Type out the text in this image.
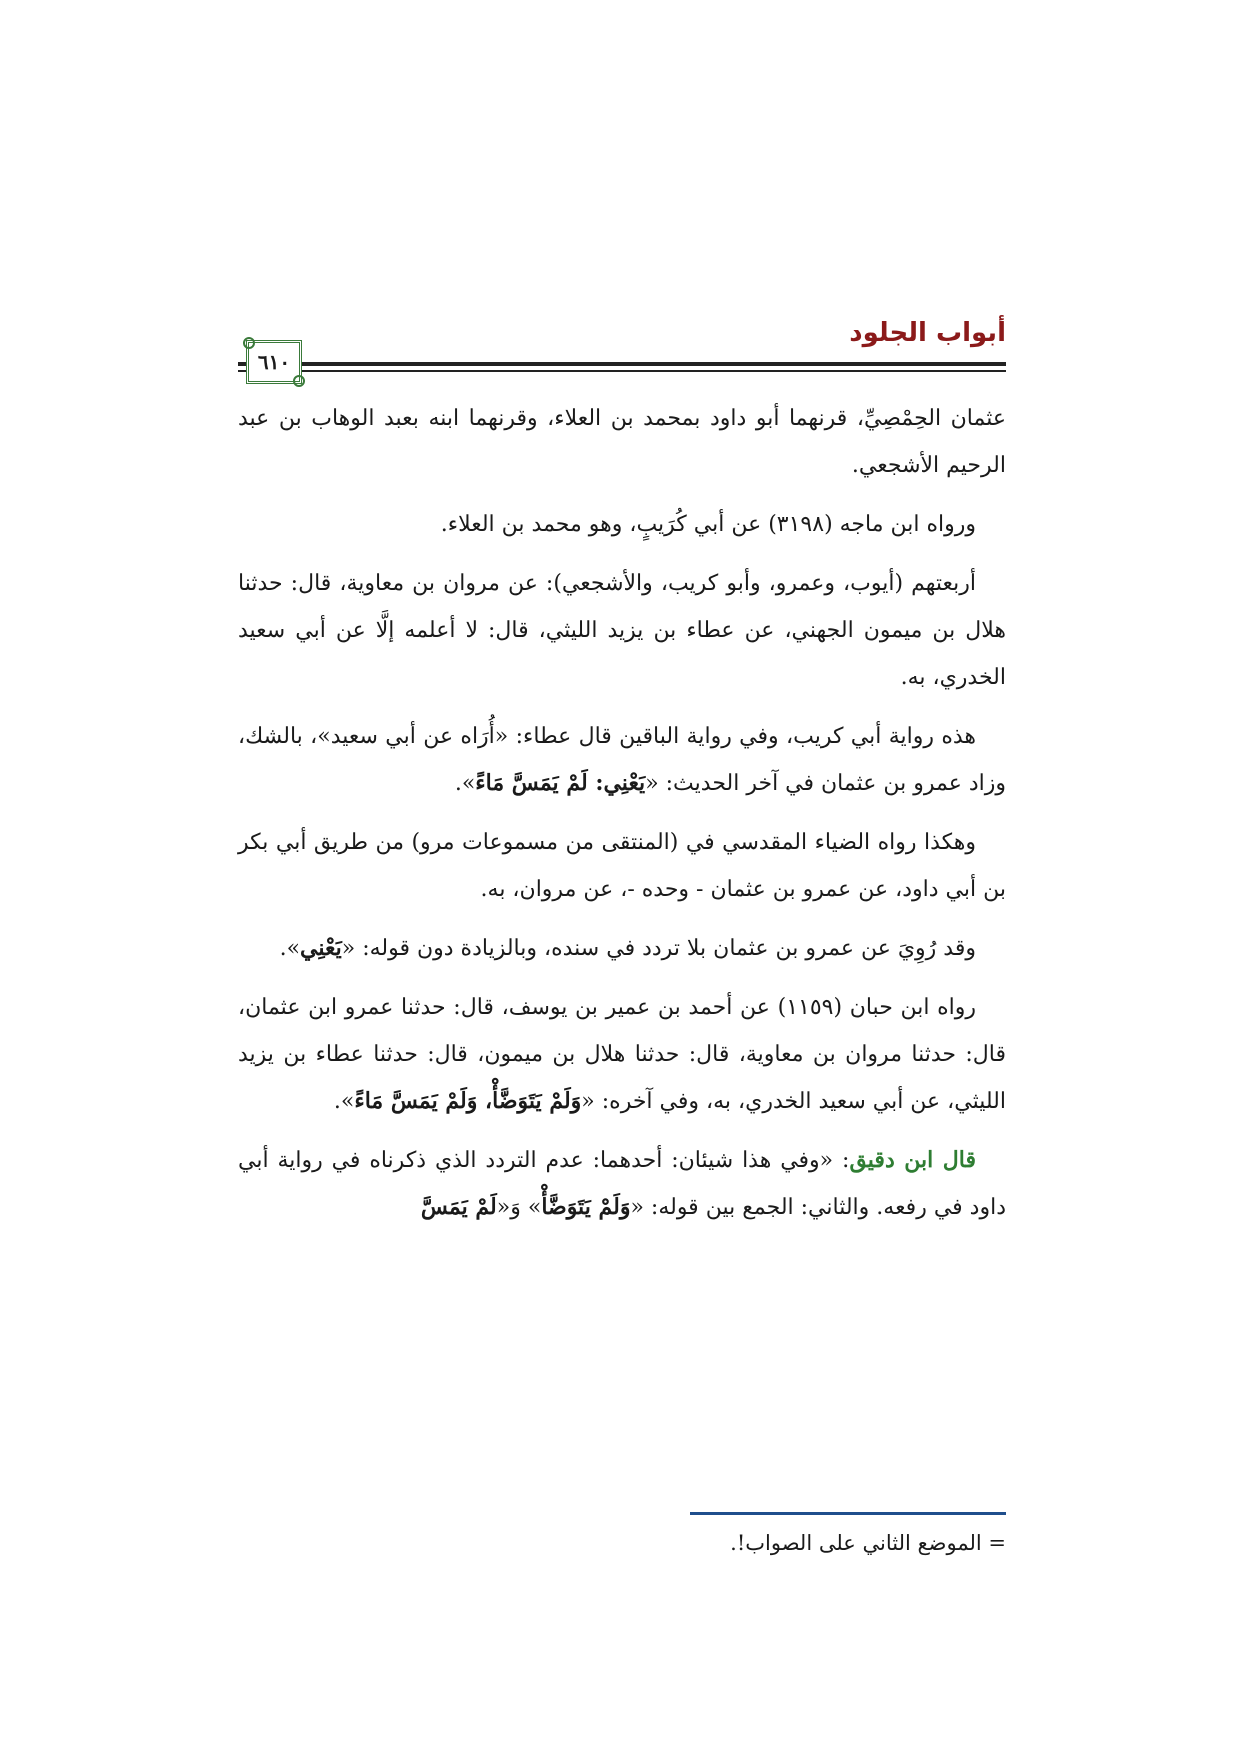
أبواب الجلود
٦١٠

عثمان الحِمْصِيِّ، قرنهما أبو داود بمحمد بن العلاء، وقرنهما ابنه بعبد الوهاب بن عبد الرحيم الأشجعي.

ورواه ابن ماجه (٣١٩٨) عن أبي كُرَيبٍ، وهو محمد بن العلاء.

أربعتهم (أيوب، وعمرو، وأبو كريب، والأشجعي): عن مروان بن معاوية، قال: حدثنا هلال بن ميمون الجهني، عن عطاء بن يزيد الليثي، قال: لا أعلمه إلَّا عن أبي سعيد الخدري، به.

هذه رواية أبي كريب، وفي رواية الباقين قال عطاء: «أُرَاه عن أبي سعيد»، بالشك، وزاد عمرو بن عثمان في آخر الحديث: «يَعْنِي: لَمْ يَمَسَّ مَاءً».

وهكذا رواه الضياء المقدسي في (المنتقى من مسموعات مرو) من طريق أبي بكر بن أبي داود، عن عمرو بن عثمان - وحده -، عن مروان، به.

وقد رُوِيَ عن عمرو بن عثمان بلا تردد في سنده، وبالزيادة دون قوله: «يَعْنِي».

رواه ابن حبان (١١٥٩) عن أحمد بن عمير بن يوسف، قال: حدثنا عمرو ابن عثمان، قال: حدثنا مروان بن معاوية، قال: حدثنا هلال بن ميمون، قال: حدثنا عطاء بن يزيد الليثي، عن أبي سعيد الخدري، به، وفي آخره: «وَلَمْ يَتَوَضَّأْ، وَلَمْ يَمَسَّ مَاءً».

قال ابن دقيق: «وفي هذا شيئان: أحدهما: عدم التردد الذي ذكرناه في رواية أبي داود في رفعه. والثاني: الجمع بين قوله: «وَلَمْ يَتَوَضَّأْ» وَ«لَمْ يَمَسَّ

= الموضع الثاني على الصواب!.
